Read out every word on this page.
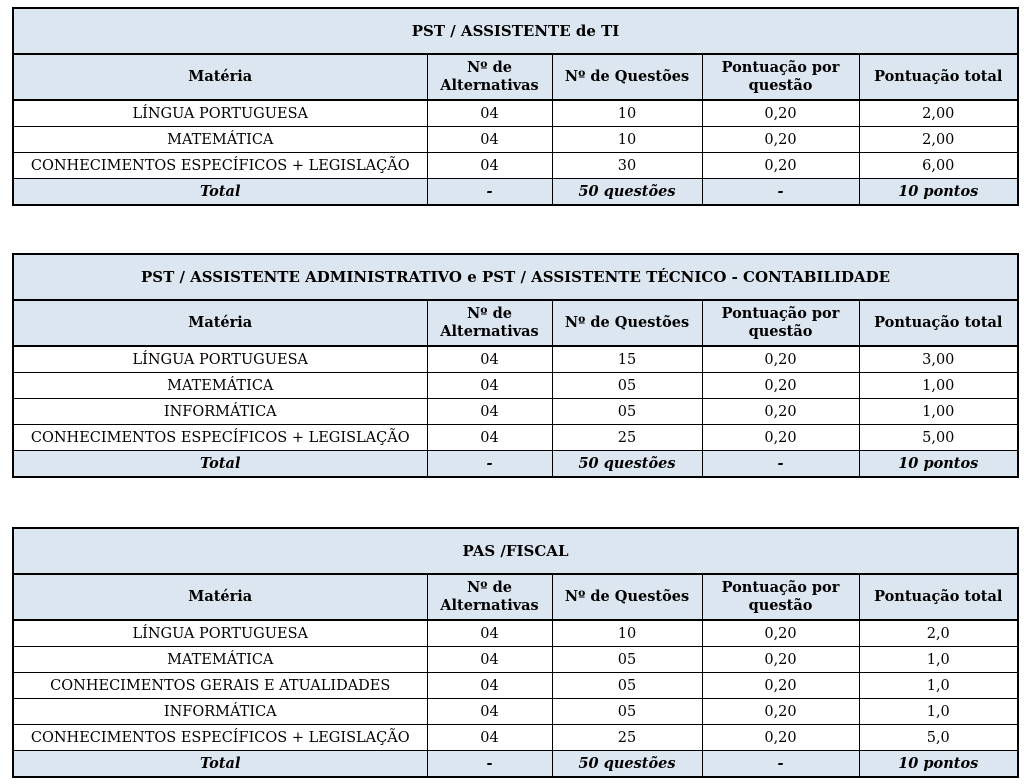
PST / ASSISTENTE de TI				
Matéria	Nº de Alternativas	Nº de Questões	Pontuação por questão	Pontuação total
LÍNGUA PORTUGUESA	04	10	0,20	2,00
MATEMÁTICA	04	10	0,20	2,00
CONHECIMENTOS ESPECÍFICOS + LEGISLAÇÃO	04	30	0,20	6,00
Total	-	50 questões	-	10 pontos
PST / ASSISTENTE ADMINISTRATIVO e PST / ASSISTENTE TÉCNICO - CONTABILIDADE				
Matéria	Nº de Alternativas	Nº de Questões	Pontuação por questão	Pontuação total
LÍNGUA PORTUGUESA	04	15	0,20	3,00
MATEMÁTICA	04	05	0,20	1,00
INFORMÁTICA	04	05	0,20	1,00
CONHECIMENTOS ESPECÍFICOS + LEGISLAÇÃO	04	25	0,20	5,00
Total	-	50 questões	-	10 pontos
PAS /FISCAL				
Matéria	Nº de Alternativas	Nº de Questões	Pontuação por questão	Pontuação total
LÍNGUA PORTUGUESA	04	10	0,20	2,0
MATEMÁTICA	04	05	0,20	1,0
CONHECIMENTOS GERAIS E ATUALIDADES	04	05	0,20	1,0
INFORMÁTICA	04	05	0,20	1,0
CONHECIMENTOS ESPECÍFICOS + LEGISLAÇÃO	04	25	0,20	5,0
Total	-	50 questões	-	10 pontos
